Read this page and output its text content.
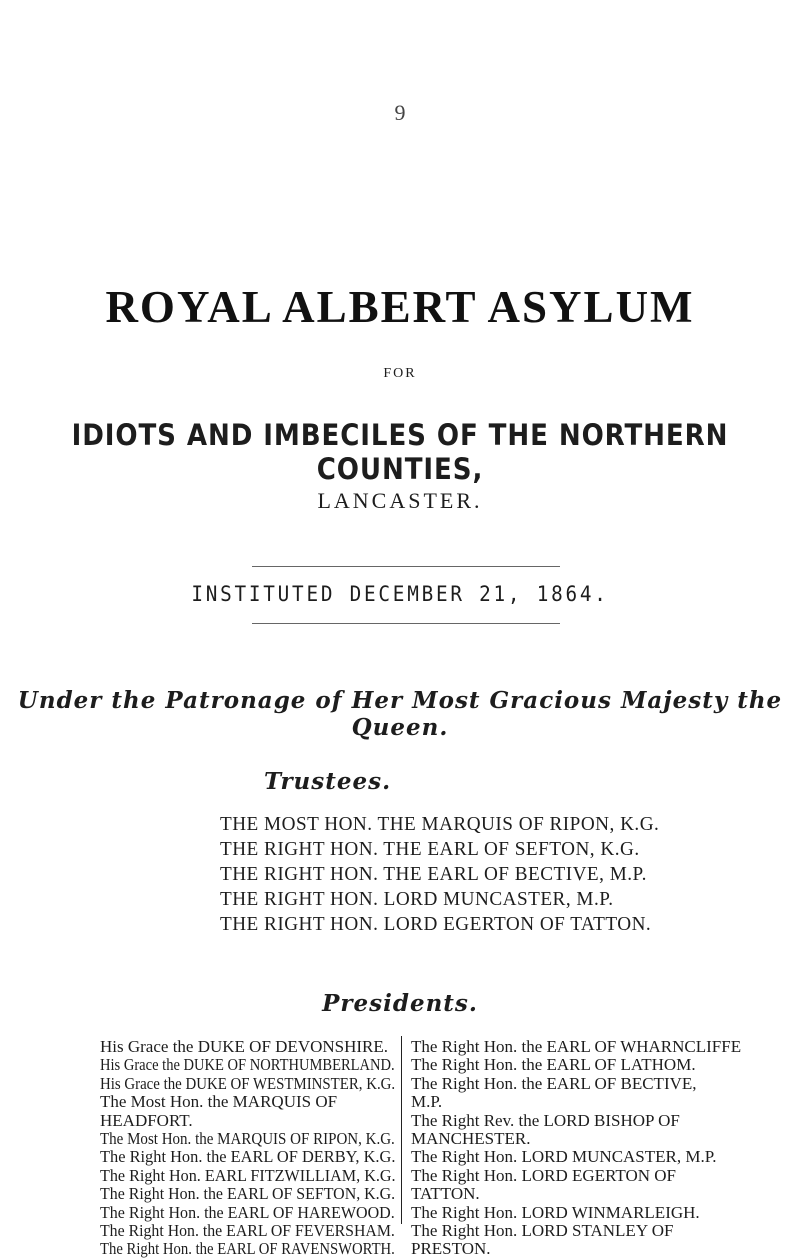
9
ROYAL ALBERT ASYLUM
FOR
IDIOTS AND IMBECILES OF THE NORTHERN COUNTIES,
LANCASTER.
INSTITUTED DECEMBER 21, 1864.
Under the Patronage of Her Most Gracious Majesty the Queen.
Trustees.
THE MOST HON. THE MARQUIS OF RIPON, K.G.
THE RIGHT HON. THE EARL OF SEFTON, K.G.
THE RIGHT HON. THE EARL OF BECTIVE, M.P.
THE RIGHT HON. LORD MUNCASTER, M.P.
THE RIGHT HON. LORD EGERTON OF TATTON.
Presidents.
His Grace the DUKE OF DEVONSHIRE.
His Grace the DUKE OF NORTHUMBERLAND.
His Grace the DUKE OF WESTMINSTER, K.G.
The Most Hon. the MARQUIS OF
HEADFORT.
The Most Hon. the MARQUIS OF RIPON, K.G.
The Right Hon. the EARL OF DERBY, K.G.
The Right Hon. EARL FITZWILLIAM, K.G.
The Right Hon. the EARL OF SEFTON, K.G.
The Right Hon. the EARL OF HAREWOOD.
The Right Hon. the EARL OF FEVERSHAM.
The Right Hon. the EARL OF RAVENSWORTH.
The Right Hon. the EARL OF WHARNCLIFFE
The Right Hon. the EARL OF LATHOM.
The Right Hon. the EARL OF BECTIVE,
M.P.
The Right Rev. the LORD BISHOP OF
MANCHESTER.
The Right Hon. LORD MUNCASTER, M.P.
The Right Hon. LORD EGERTON OF
TATTON.
The Right Hon. LORD WINMARLEIGH.
The Right Hon. LORD STANLEY OF
PRESTON.
